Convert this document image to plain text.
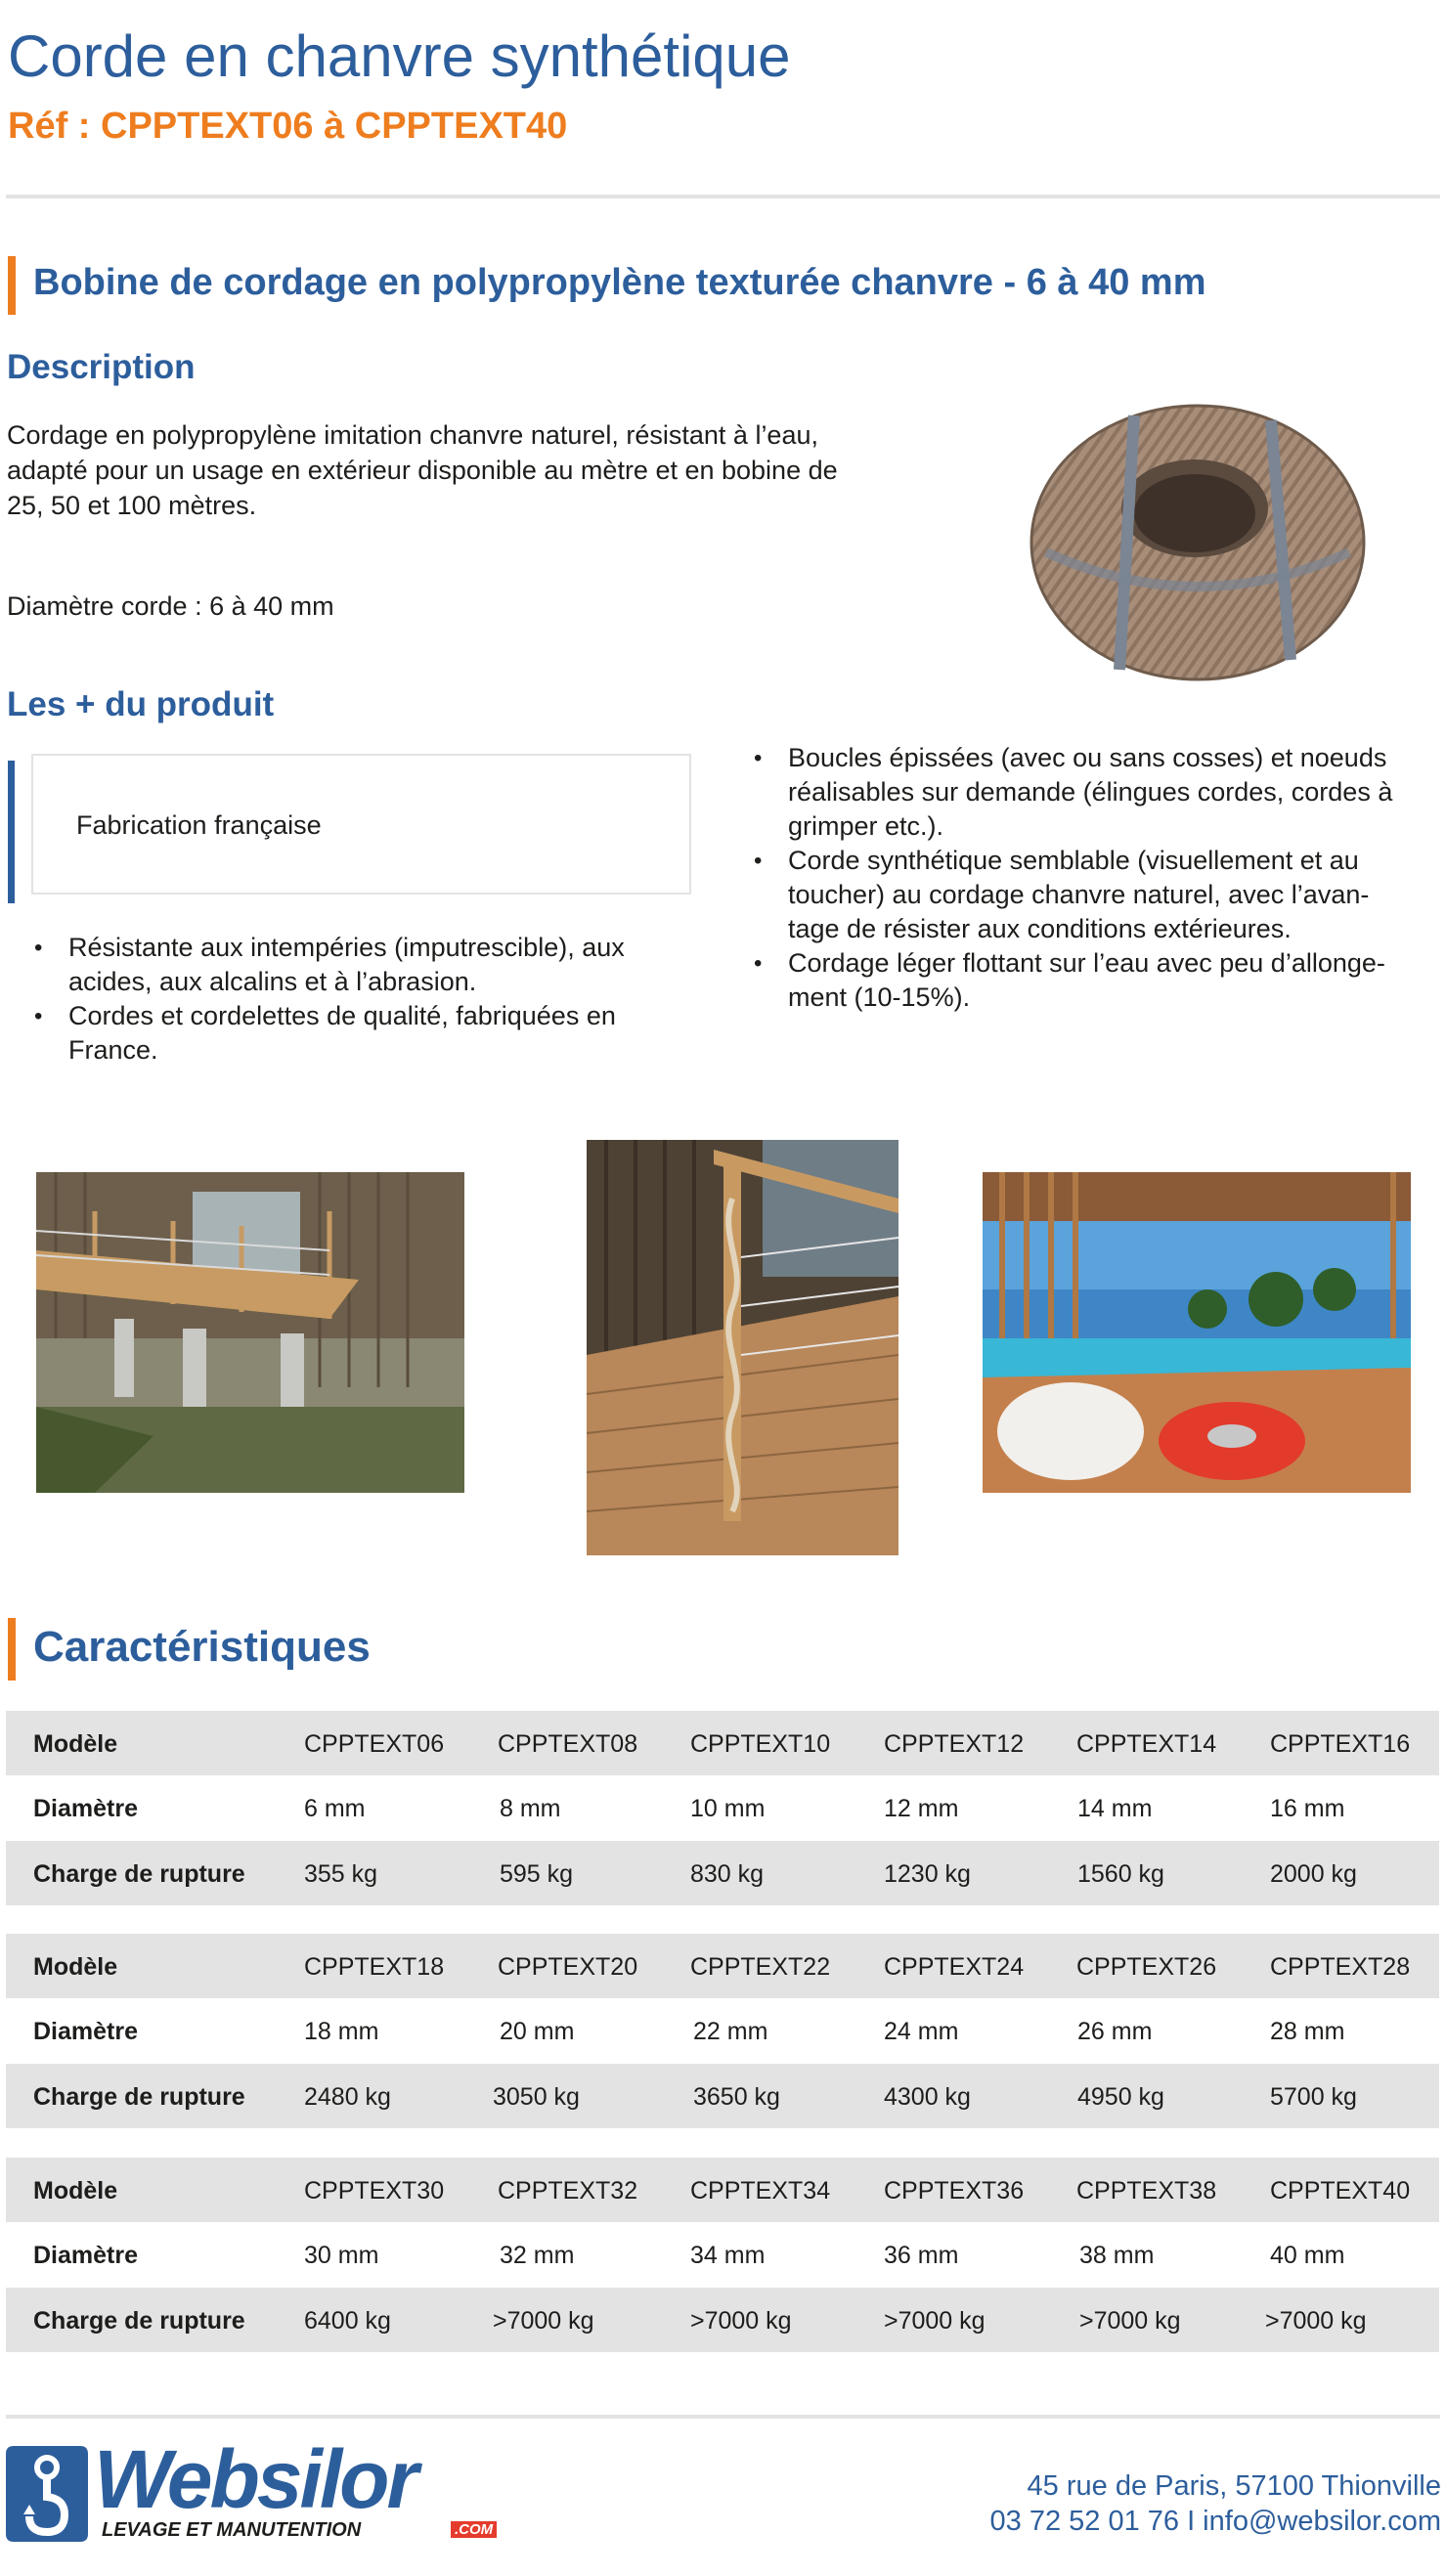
Corde en chanvre synthétique
Réf : CPPTEXT06 à CPPTEXT40
Bobine de cordage en polypropylène texturée chanvre - 6 à 40 mm
Description
Cordage en polypropylène imitation chanvre naturel, résistant à l’eau,
adapté pour un usage en extérieur disponible au mètre et en bobine de
25, 50 et 100 mètres.
Diamètre corde : 6 à 40 mm
Les + du produit
Fabrication française
• Résistante aux intempéries (imputrescible), aux
acides, aux alcalins et à l’abrasion.
• Cordes et cordelettes de qualité, fabriquées en
France.
• Boucles épissées (avec ou sans cosses) et noeuds
réalisables sur demande (élingues cordes, cordes à
grimper etc.).
• Corde synthétique semblable (visuellement et au
toucher) au cordage chanvre naturel, avec l’avan-
tage de résister aux conditions extérieures.
• Cordage léger flottant sur l’eau avec peu d’allonge-
ment (10-15%).
Caractéristiques
Modèle	CPPTEXT06 CPPTEXT08 CPPTEXT10 CPPTEXT12 CPPTEXT14 CPPTEXT16
Diamètre	6 mm	8 mm	10 mm	12 mm	14 mm	16 mm
Charge de rupture 355 kg	595 kg	830 kg	1230 kg	1560 kg	2000 kg
Modèle	CPPTEXT18 CPPTEXT20 CPPTEXT22 CPPTEXT24 CPPTEXT26 CPPTEXT28
Diamètre	18 mm	20 mm	22 mm	24 mm	26 mm	28 mm
Charge de rupture 2480 kg	3050 kg	3650 kg	4300 kg	4950 kg	5700 kg
Modèle	CPPTEXT30 CPPTEXT32 CPPTEXT34 CPPTEXT36 CPPTEXT38 CPPTEXT40
Diamètre	30 mm	32 mm	34 mm	36 mm	38 mm	40 mm
Charge de rupture 6400 kg	>7000 kg	>7000 kg	>7000 kg	>7000 kg	>7000 kg
Websilor
LEVAGE ET MANUTENTION	.COM
45 rue de Paris, 57100 Thionville
03 72 52 01 76 I info@websilor.com
